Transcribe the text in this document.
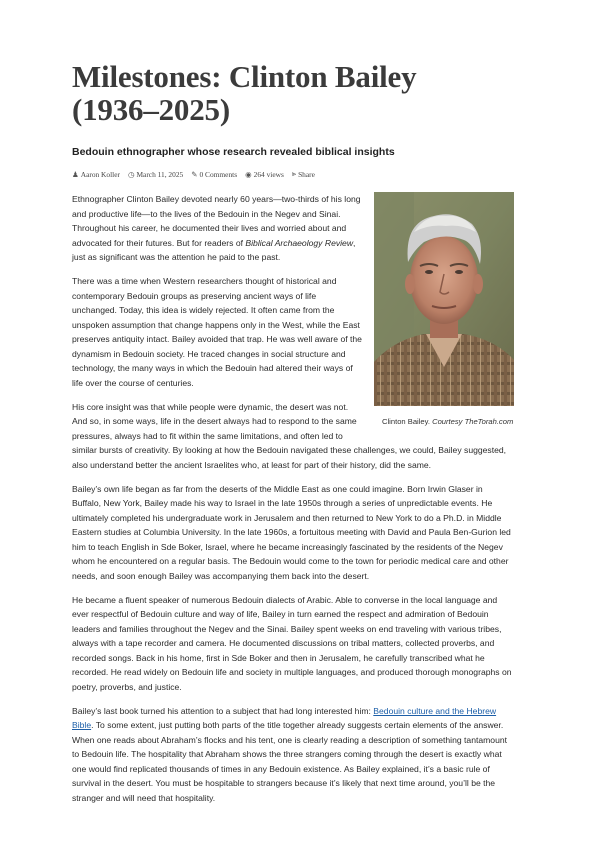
Milestones: Clinton Bailey (1936–2025)
Bedouin ethnographer whose research revealed biblical insights
♟ Aaron Koller ◷ March 11, 2025 ✎ 0 Comments ◉ 264 views ⪢ Share
Clinton Bailey. Courtesy TheTorah.com

Ethnographer Clinton Bailey devoted nearly 60 years—two-thirds of his long and productive life—to the lives of the Bedouin in the Negev and Sinai. Throughout his career, he documented their lives and worried about and advocated for their futures. But for readers of Biblical Archaeology Review, just as significant was the attention he paid to the past.

There was a time when Western researchers thought of historical and contemporary Bedouin groups as preserving ancient ways of life unchanged. Today, this idea is widely rejected. It often came from the unspoken assumption that change happens only in the West, while the East preserves antiquity intact. Bailey avoided that trap. He was well aware of the dynamism in Bedouin society. He traced changes in social structure and technology, the many ways in which the Bedouin had altered their ways of life over the course of centuries.

His core insight was that while people were dynamic, the desert was not. And so, in some ways, life in the desert always had to respond to the same pressures, always had to fit within the same limitations, and often led to similar bursts of creativity. By looking at how the Bedouin navigated these challenges, we could, Bailey suggested, also understand better the ancient Israelites who, at least for part of their history, did the same.

Bailey’s own life began as far from the deserts of the Middle East as one could imagine. Born Irwin Glaser in Buffalo, New York, Bailey made his way to Israel in the late 1950s through a series of unpredictable events. He ultimately completed his undergraduate work in Jerusalem and then returned to New York to do a Ph.D. in Middle Eastern studies at Columbia University. In the late 1960s, a fortuitous meeting with David and Paula Ben-Gurion led him to teach English in Sde Boker, Israel, where he became increasingly fascinated by the residents of the Negev whom he encountered on a regular basis. The Bedouin would come to the town for periodic medical care and other needs, and soon enough Bailey was accompanying them back into the desert.

He became a fluent speaker of numerous Bedouin dialects of Arabic. Able to converse in the local language and ever respectful of Bedouin culture and way of life, Bailey in turn earned the respect and admiration of Bedouin leaders and families throughout the Negev and the Sinai. Bailey spent weeks on end traveling with various tribes, always with a tape recorder and camera. He documented discussions on tribal matters, collected proverbs, and recorded songs. Back in his home, first in Sde Boker and then in Jerusalem, he carefully transcribed what he recorded. He read widely on Bedouin life and society in multiple languages, and produced thorough monographs on poetry, proverbs, and justice.

Bailey’s last book turned his attention to a subject that had long interested him: Bedouin culture and the Hebrew Bible. To some extent, just putting both parts of the title together already suggests certain elements of the answer. When one reads about Abraham’s flocks and his tent, one is clearly reading a description of something tantamount to Bedouin life. The hospitality that Abraham shows the three strangers coming through the desert is exactly what one would find replicated thousands of times in any Bedouin existence. As Bailey explained, it’s a basic rule of survival in the desert. You must be hospitable to strangers because it’s likely that next time around, you’ll be the stranger and will need that hospitality.
